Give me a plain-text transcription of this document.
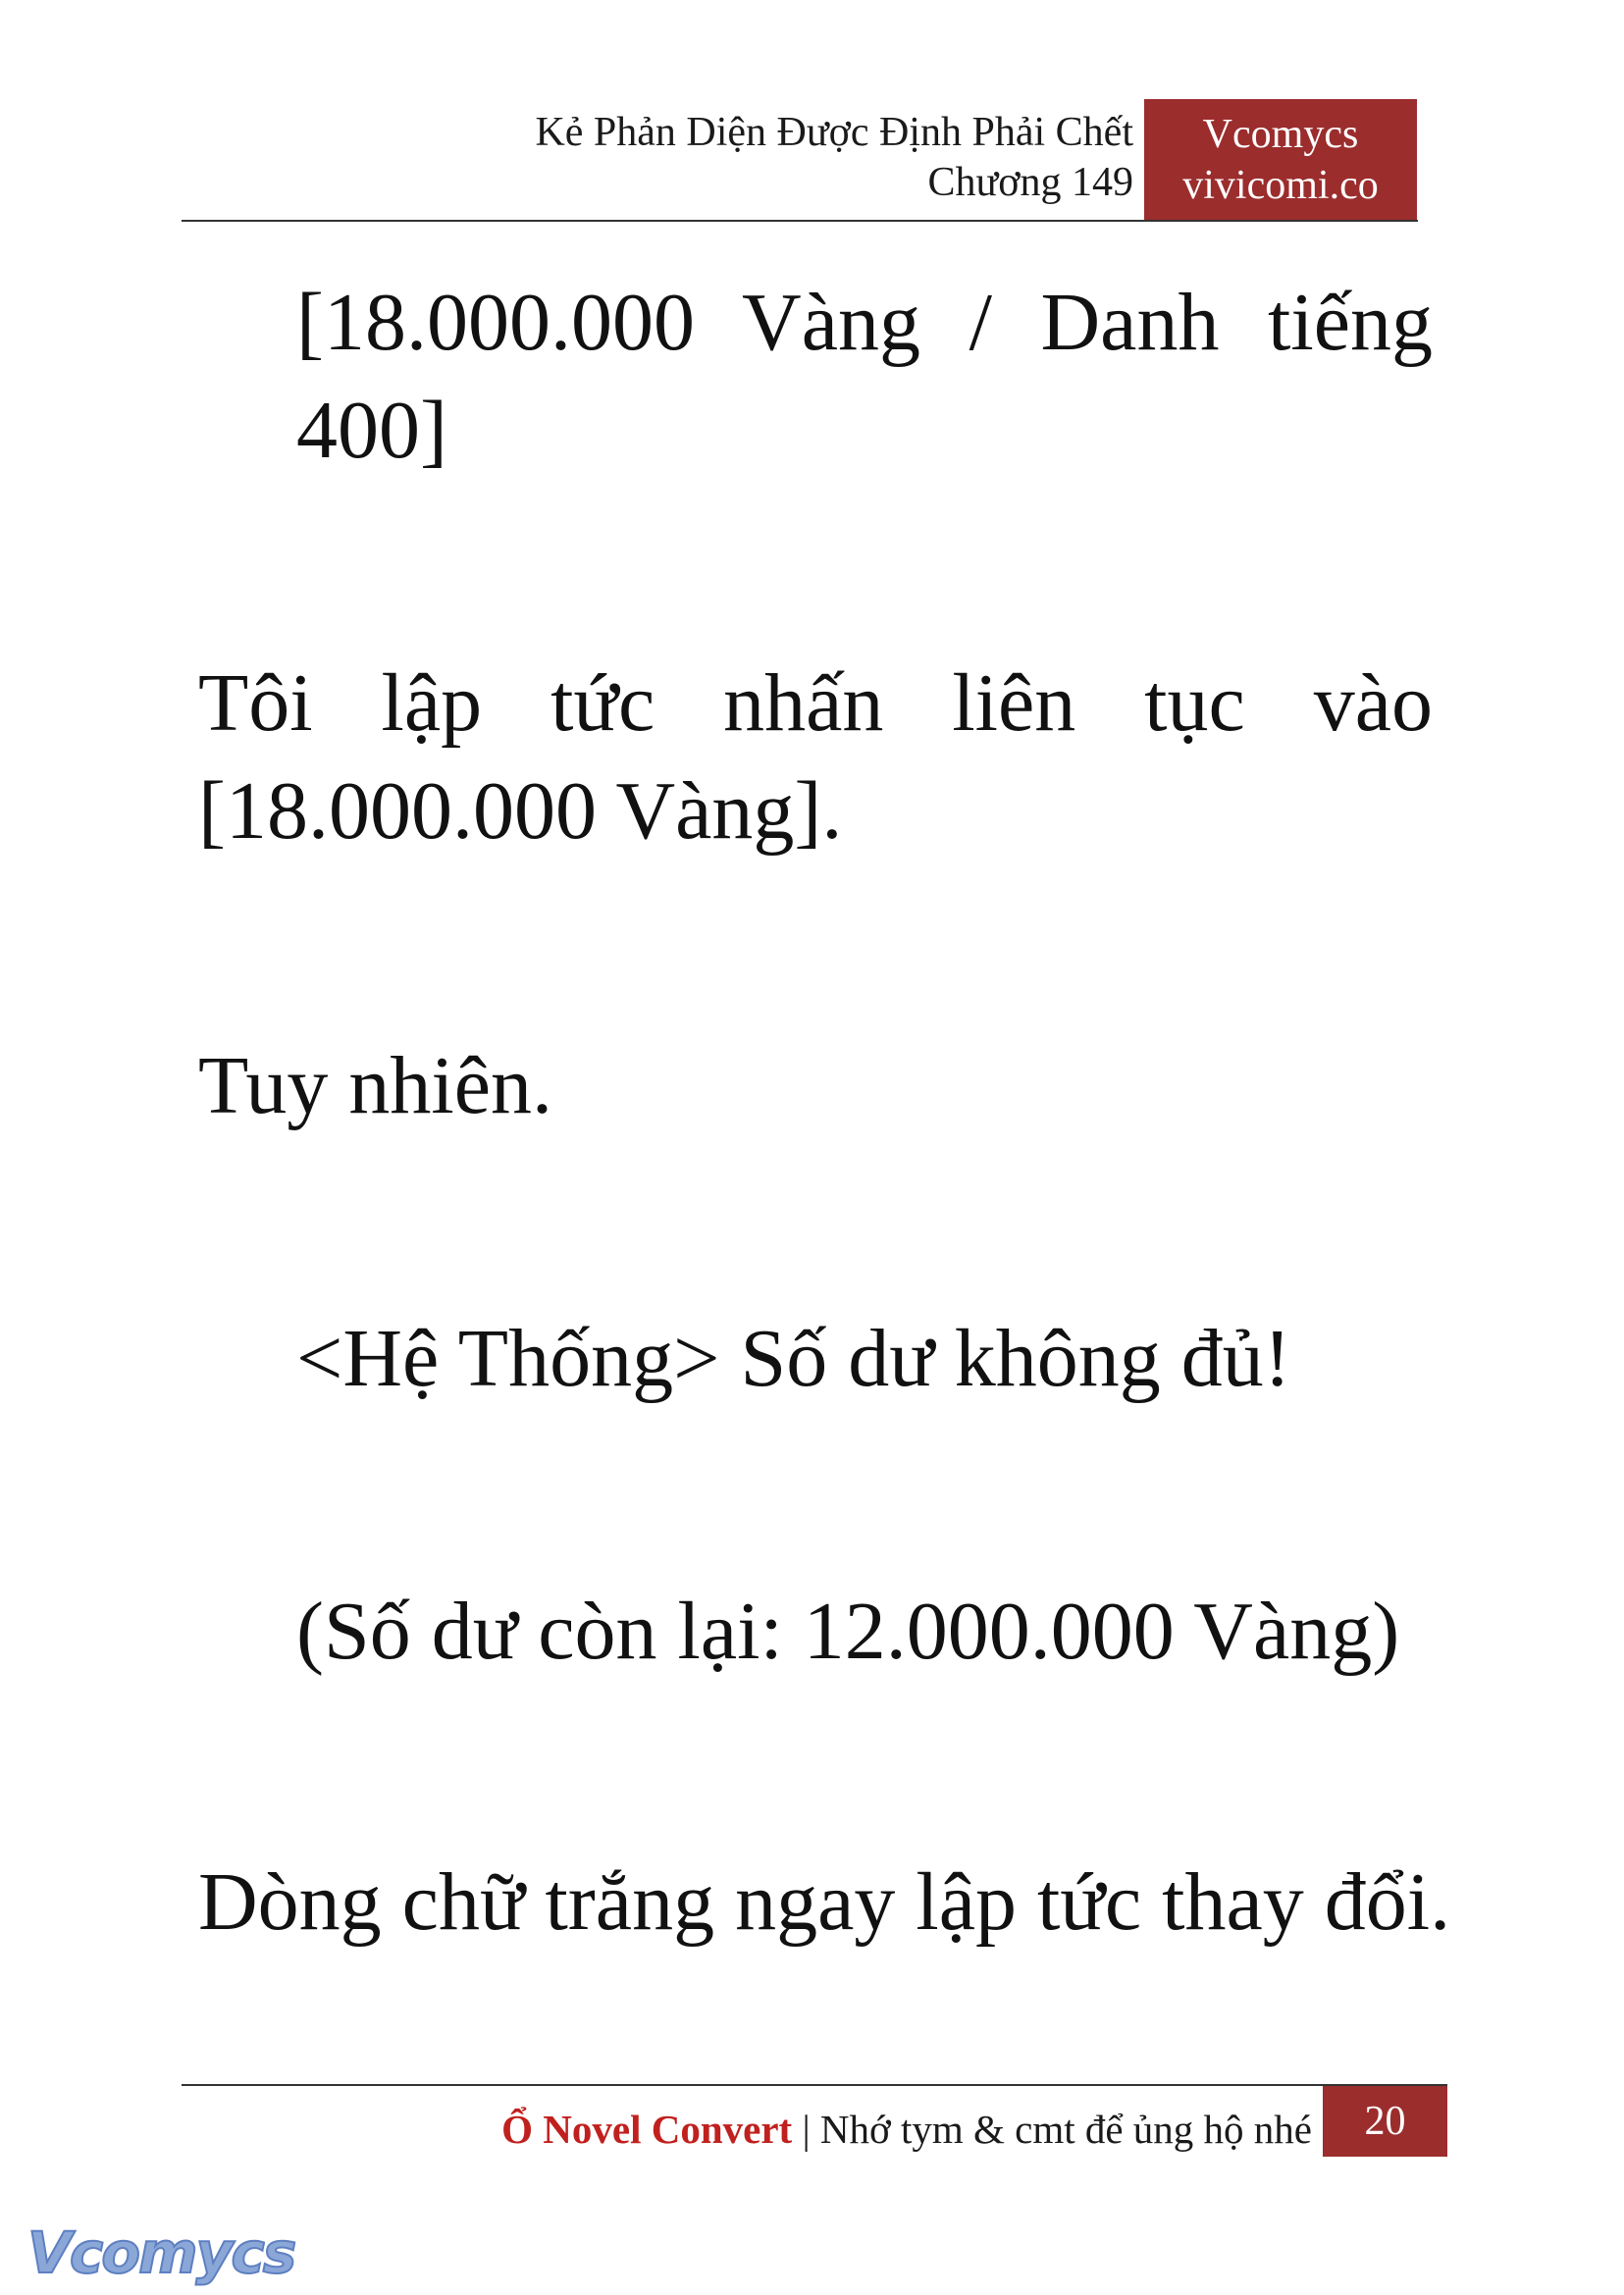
Kẻ Phản Diện Được Định Phải Chết
Chương 149
Vcomycs
vivicomi.co

[18.000.000 Vàng / Danh tiếng 400]

Tôi lập tức nhấn liên tục vào [18.000.000 Vàng].

Tuy nhiên.

<Hệ Thống> Số dư không đủ!

(Số dư còn lại: 12.000.000 Vàng)

Dòng chữ trắng ngay lập tức thay đổi.

Ổ Novel Convert | Nhớ tym & cmt để ủng hộ nhé	20
Vcomycs
